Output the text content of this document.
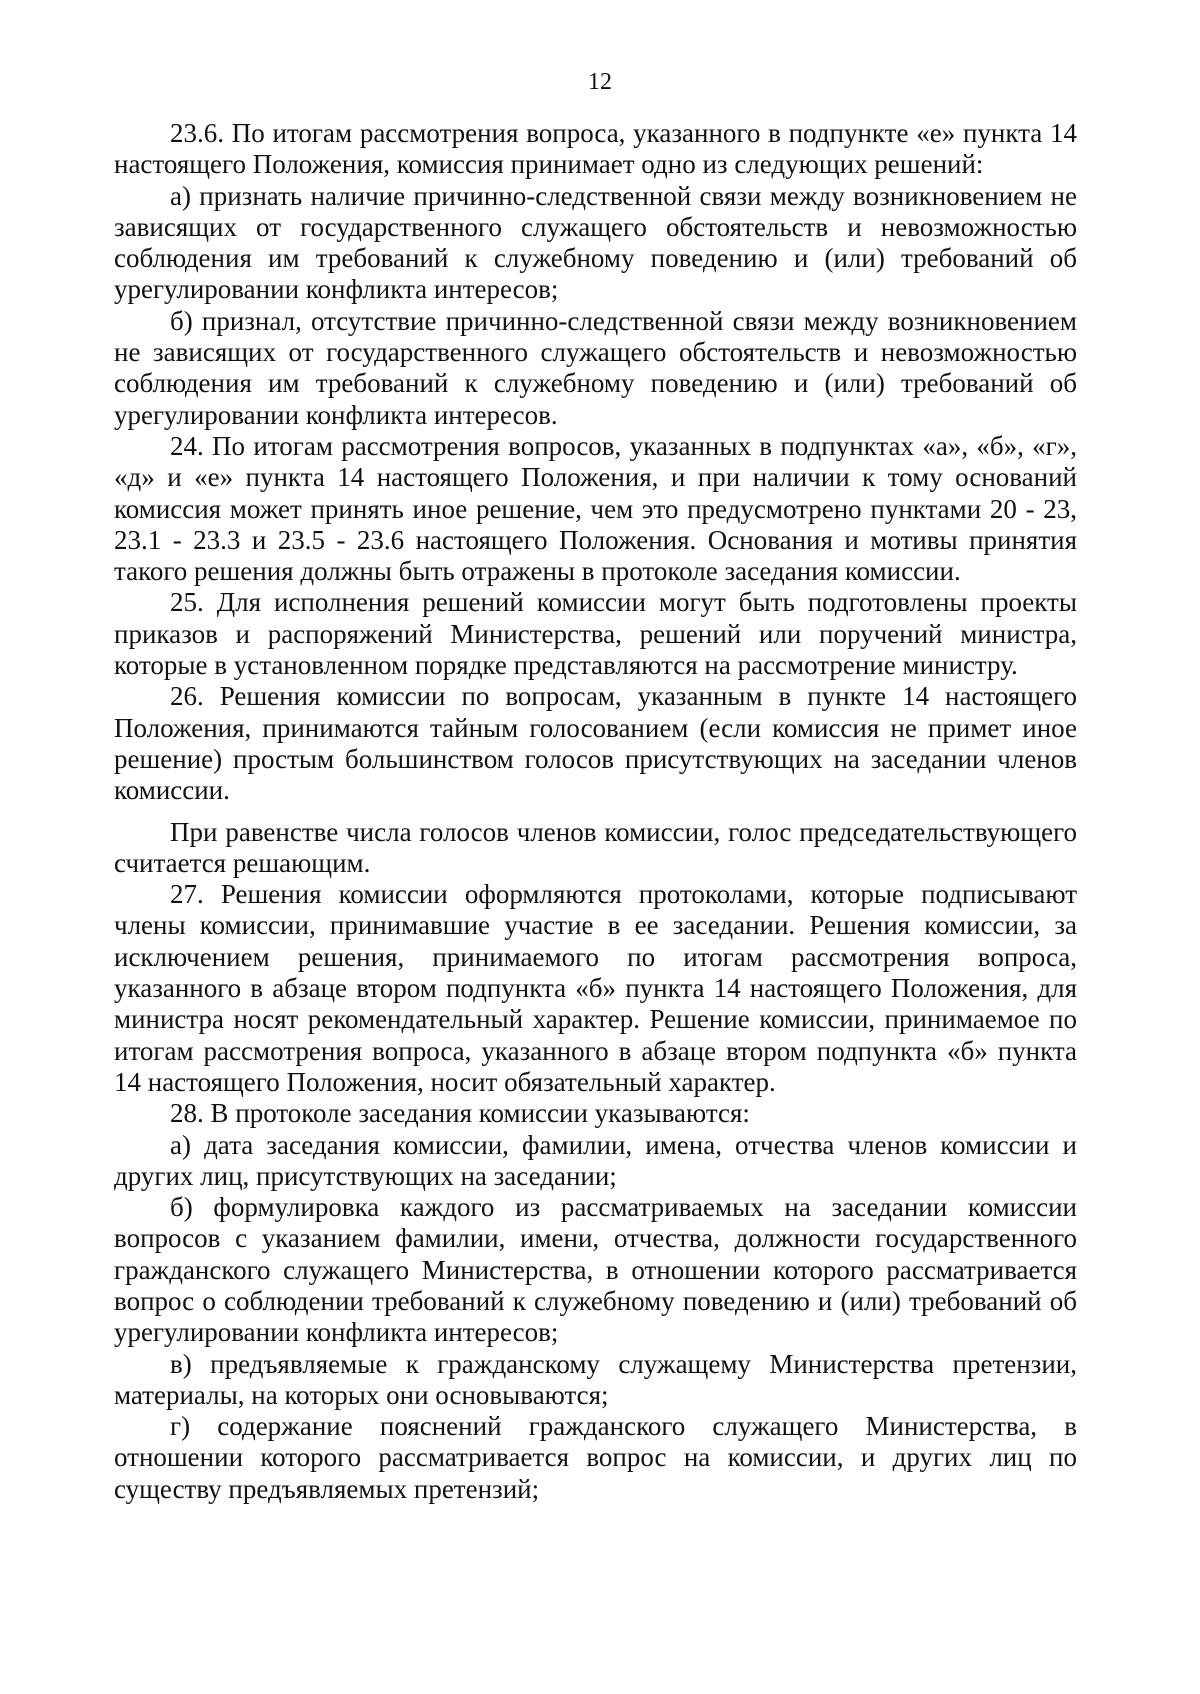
12

23.6. По итогам рассмотрения вопроса, указанного в подпункте «е» пункта 14 настоящего Положения, комиссия принимает одно из следующих решений:

а) признать наличие причинно-следственной связи между возникновением не зависящих от государственного служащего обстоятельств и невозможностью соблюдения им требований к служебному поведению и (или) требований об урегулировании конфликта интересов;

б) признал, отсутствие причинно-следственной связи между возникновением не зависящих от государственного служащего обстоятельств и невозможностью соблюдения им требований к служебному поведению и (или) требований об урегулировании конфликта интересов.

24. По итогам рассмотрения вопросов, указанных в подпунктах «а», «б», «г», «д» и «е» пункта 14 настоящего Положения, и при наличии к тому оснований комиссия может принять иное решение, чем это предусмотрено пунктами 20 - 23, 23.1 - 23.3 и 23.5 - 23.6 настоящего Положения. Основания и мотивы принятия такого решения должны быть отражены в протоколе заседания комиссии.

25. Для исполнения решений комиссии могут быть подготовлены проекты приказов и распоряжений Министерства, решений или поручений министра, которые в установленном порядке представляются на рассмотрение министру.

26. Решения комиссии по вопросам, указанным в пункте 14 настоящего Положения, принимаются тайным голосованием (если комиссия не примет иное решение) простым большинством голосов присутствующих на заседании членов комиссии.

При равенстве числа голосов членов комиссии, голос председательствующего считается решающим.

27. Решения комиссии оформляются протоколами, которые подписывают члены комиссии, принимавшие участие в ее заседании. Решения комиссии, за исключением решения, принимаемого по итогам рассмотрения вопроса, указанного в абзаце втором подпункта «б» пункта 14 настоящего Положения, для министра носят рекомендательный характер. Решение комиссии, принимаемое по итогам рассмотрения вопроса, указанного в абзаце втором подпункта «б» пункта 14 настоящего Положения, носит обязательный характер.

28. В протоколе заседания комиссии указываются:

а) дата заседания комиссии, фамилии, имена, отчества членов комиссии и других лиц, присутствующих на заседании;

б) формулировка каждого из рассматриваемых на заседании комиссии вопросов с указанием фамилии, имени, отчества, должности государственного гражданского служащего Министерства, в отношении которого рассматривается вопрос о соблюдении требований к служебному поведению и (или) требований об урегулировании конфликта интересов;

в) предъявляемые к гражданскому служащему Министерства претензии, материалы, на которых они основываются;

г) содержание пояснений гражданского служащего Министерства, в отношении которого рассматривается вопрос на комиссии, и других лиц по существу предъявляемых претензий;
